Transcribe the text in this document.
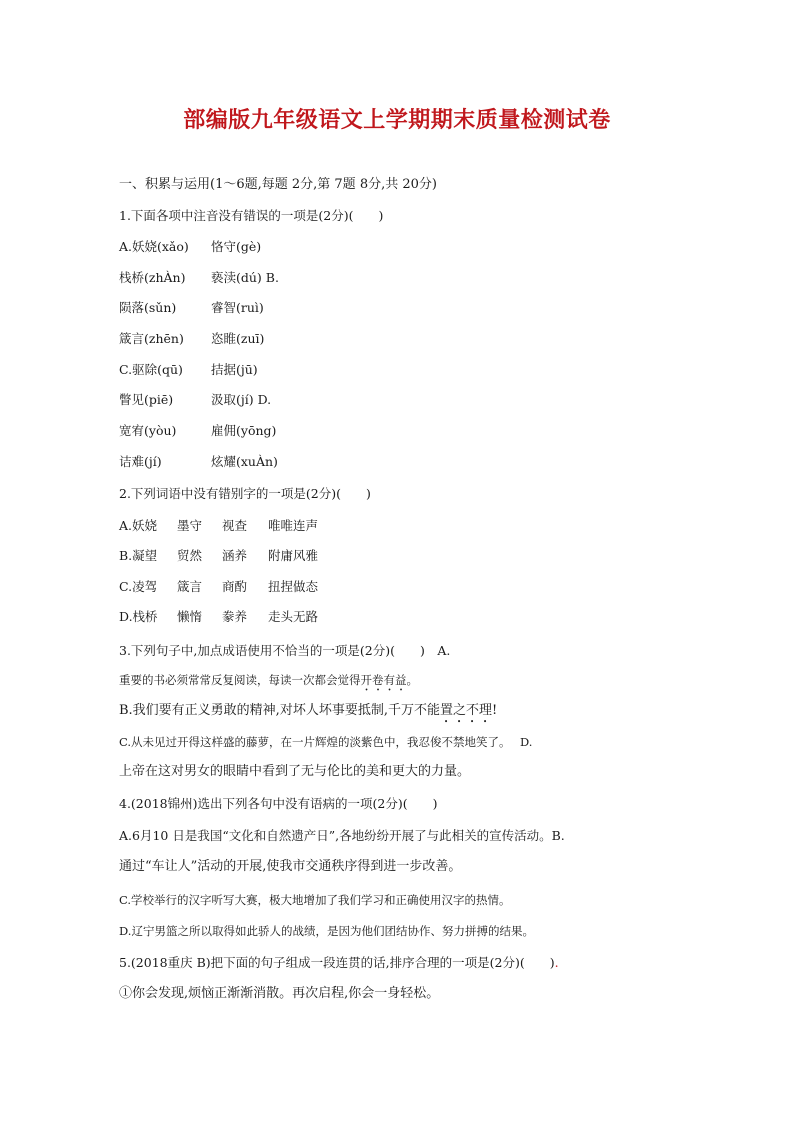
部编版九年级语文上学期期末质量检测试卷
一、积累与运用(1～6题,每题 2分,第 7题 8分,共 20分)
1.下面各项中注音没有错误的一项是(2分)(　　)
A.妖娆(xǎo) 恪守(gè)
栈桥(zhÀn) 亵渎(dú) B.
陨落(sǔn)	睿智(ruì)
箴言(zhēn) 恣睢(zuī)
C.驱除(qū) 拮据(jū)
瞥见(piē)	汲取(jí) D.
宽宥(yòu)	雇佣(yōng)
诘难(jí)	炫耀(xuÀn)
2.下列词语中没有错别字的一项是(2分)(　　)
A.妖娆 墨守 视查 唯唯连声
B.凝望 贸然 涵养 附庸风雅
C.凌驾 箴言 商酌 扭捏做态
D.栈桥 懒惰 豢养 走头无路
3.下列句子中,加点成语使用不恰当的一项是(2分)(　　)　A.
重要的书必须常常反复阅读，每读一次都会觉得开卷有益。
B.我们要有正义勇敢的精神,对坏人坏事要抵制,千万不能置之不理!
C.从未见过开得这样盛的藤萝，在一片辉煌的淡紫色中，我忍俊不禁地笑了。　 D.
上帝在这对男女的眼睛中看到了无与伦比的美和更大的力量。
4.(2018锦州)选出下列各句中没有语病的一项(2分)(　　)
A.6月10 日是我国“文化和自然遗产日”,各地纷纷开展了与此相关的宣传活动。B.
通过“车让人”活动的开展,使我市交通秩序得到进一步改善。
C.学校举行的汉字听写大赛，极大地增加了我们学习和正确使用汉字的热情。
D.辽宁男篮之所以取得如此骄人的战绩，是因为他们团结协作、努力拼搏的结果。
5.(2018重庆 B)把下面的句子组成一段连贯的话,排序合理的一项是(2分)(　　).
①你会发现,烦恼正渐渐消散。再次启程,你会一身轻松。
